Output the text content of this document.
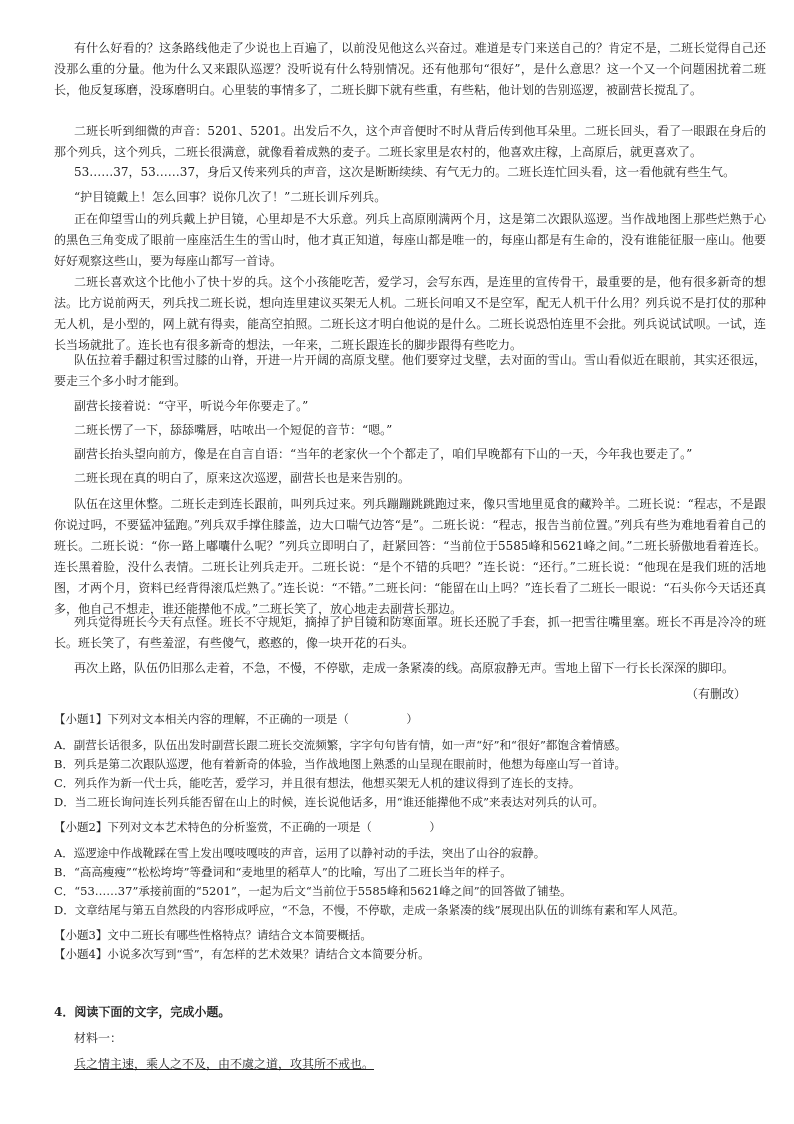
有什么好看的？这条路线他走了少说也上百遍了，以前没见他这么兴奋过。难道是专门来送自己的？肯定不是，二班长觉得自己还没那么重的分量。他为什么又来跟队巡逻？没听说有什么特别情况。还有他那句“很好”，是什么意思？这一个又一个问题困扰着二班长，他反复琢磨，没琢磨明白。心里装的事情多了，二班长脚下就有些重，有些粘，他计划的告别巡逻，被副营长搅乱了。

二班长听到细微的声音：5201、5201。出发后不久，这个声音便时不时从背后传到他耳朵里。二班长回头，看了一眼跟在身后的那个列兵，这个列兵，二班长很满意，就像看着成熟的麦子。二班长家里是农村的，他喜欢庄稼，上高原后，就更喜欢了。

53……37，53……37，身后又传来列兵的声音，这次是断断续续、有气无力的。二班长连忙回头看，这一看他就有些生气。

“护目镜戴上！怎么回事？说你几次了！”二班长训斥列兵。

正在仰望雪山的列兵戴上护目镜，心里却是不大乐意。列兵上高原刚满两个月，这是第二次跟队巡逻。当作战地图上那些烂熟于心的黑色三角变成了眼前一座座活生生的雪山时，他才真正知道，每座山都是唯一的，每座山都是有生命的，没有谁能征服一座山。他要好好观察这些山，要为每座山都写一首诗。

二班长喜欢这个比他小了快十岁的兵。这个小孩能吃苦，爱学习，会写东西，是连里的宣传骨干，最重要的是，他有很多新奇的想法。比方说前两天，列兵找二班长说，想向连里建议买架无人机。二班长问咱又不是空军，配无人机干什么用？列兵说不是打仗的那种无人机，是小型的，网上就有得卖，能高空拍照。二班长这才明白他说的是什么。二班长说恐怕连里不会批。列兵说试试呗。一试，连长当场就批了。连长也有很多新奇的想法，一年来，二班长跟连长的脚步跟得有些吃力。

队伍拉着手翻过积雪过膝的山脊，开进一片开阔的高原戈壁。他们要穿过戈壁，去对面的雪山。雪山看似近在眼前，其实还很远，要走三个多小时才能到。

副营长接着说：“守平，听说今年你要走了。”

二班长愣了一下，舔舔嘴唇，咕哝出一个短促的音节：“嗯。”

副营长抬头望向前方，像是在自言自语：“当年的老家伙一个个都走了，咱们早晚都有下山的一天，今年我也要走了。”

二班长现在真的明白了，原来这次巡逻，副营长也是来告别的。

队伍在这里休整。二班长走到连长跟前，叫列兵过来。列兵蹦蹦跳跳跑过来，像只雪地里觅食的藏羚羊。二班长说：“程志，不是跟你说过吗，不要猛冲猛跑。”列兵双手撑住膝盖，边大口喘气边答“是”。二班长说：“程志，报告当前位置。”列兵有些为难地看着自己的班长。二班长说：“你一路上嘟囔什么呢？”列兵立即明白了，赶紧回答：“当前位于5585峰和5621峰之间。”二班长骄傲地看着连长。连长黑着脸，没什么表情。二班长让列兵走开。二班长说：“是个不错的兵吧？”连长说：“还行。”二班长说：“他现在是我们班的活地图，才两个月，资料已经背得滚瓜烂熟了。”连长说：“不错。”二班长问：“能留在山上吗？”连长看了二班长一眼说：“石头你今天话还真多，他自己不想走，谁还能撵他不成。”二班长笑了，放心地走去副营长那边。

列兵觉得班长今天有点怪。班长不守规矩，摘掉了护目镜和防寒面罩。班长还脱了手套，抓一把雪往嘴里塞。班长不再是冷冷的班长。班长笑了，有些羞涩，有些傻气，憨憨的，像一块开花的石头。

再次上路，队伍仍旧那么走着，不急，不慢，不停歇，走成一条紧凑的线。高原寂静无声。雪地上留下一行长长深深的脚印。

（有删改）

【小题1】下列对文本相关内容的理解，不正确的一项是（　　　　　）

A．副营长话很多，队伍出发时副营长跟二班长交流频繁，字字句句皆有情，如一声“好”和“很好”都饱含着情感。

B．列兵是第二次跟队巡逻，他有着新奇的体验，当作战地图上熟悉的山呈现在眼前时，他想为每座山写一首诗。

C．列兵作为新一代士兵，能吃苦，爱学习，并且很有想法，他想买架无人机的建议得到了连长的支持。

D．当二班长询问连长列兵能否留在山上的时候，连长说他话多，用“谁还能撵他不成”来表达对列兵的认可。

【小题2】下列对文本艺术特色的分析鉴赏，不正确的一项是（　　　　　）

A．巡逻途中作战靴踩在雪上发出嘎吱嘎吱的声音，运用了以静衬动的手法，突出了山谷的寂静。

B．“高高瘦瘦”“松松垮垮”等叠词和“麦地里的稻草人”的比喻，写出了二班长当年的样子。

C．“53……37”承接前面的“5201”，一起为后文“当前位于5585峰和5621峰之间”的回答做了铺垫。

D．文章结尾与第五自然段的内容形成呼应，“不急，不慢，不停歇，走成一条紧凑的线”展现出队伍的训练有素和军人风范。

【小题3】文中二班长有哪些性格特点？请结合文本简要概括。

【小题4】小说多次写到“雪”，有怎样的艺术效果？请结合文本简要分析。

4．阅读下面的文字，完成小题。

材料一：

兵之情主速，乘人之不及，由不虞之道，攻其所不戒也。
